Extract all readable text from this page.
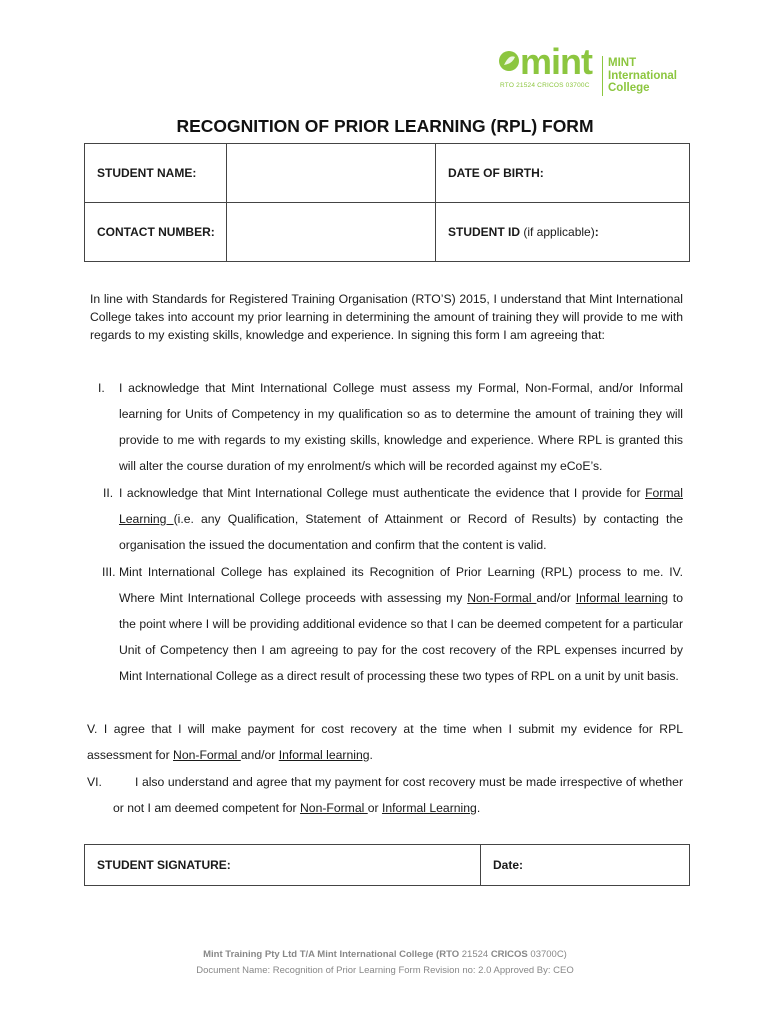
mint
RTO 21524 CRICOS 03700C
MINT
International
College
RECOGNITION OF PRIOR LEARNING (RPL) FORM
STUDENT NAME:		DATE OF BIRTH:
CONTACT NUMBER:		STUDENT ID (if applicable):
In line with Standards for Registered Training Organisation (RTO’S) 2015, I understand that Mint International College takes into account my prior learning in determining the amount of training they will provide to me with regards to my existing skills, knowledge and experience. In signing this form I am agreeing that:
I.	I acknowledge that Mint International College must assess my Formal, Non-Formal, and/or Informal learning for Units of Competency in my qualification so as to determine the amount of training they will provide to me with regards to my existing skills, knowledge and experience. Where RPL is granted this will alter the course duration of my enrolment/s which will be recorded against my eCoE’s.
II. I acknowledge that Mint International College must authenticate the evidence that I provide for Formal Learning (i.e. any Qualification, Statement of Attainment or Record of Results) by contacting the organisation the issued the documentation and confirm that the content is valid.
III. Mint International College has explained its Recognition of Prior Learning (RPL) process to me. IV. Where Mint International College proceeds with assessing my Non-Formal and/or Informal learning to the point where I will be providing additional evidence so that I can be deemed competent for a particular Unit of Competency then I am agreeing to pay for the cost recovery of the RPL expenses incurred by Mint International College as a direct result of processing these two types of RPL on a unit by unit basis.
V. I agree that I will make payment for cost recovery at the time when I submit my evidence for RPL assessment for Non-Formal and/or Informal learning.
VI.	I also understand and agree that my payment for cost recovery must be made irrespective of whether or not I am deemed competent for Non-Formal or Informal Learning.
STUDENT SIGNATURE:	Date:
Mint Training Pty Ltd T/A Mint International College (RTO 21524 CRICOS 03700C)
Document Name: Recognition of Prior Learning Form Revision no: 2.0 Approved By: CEO
